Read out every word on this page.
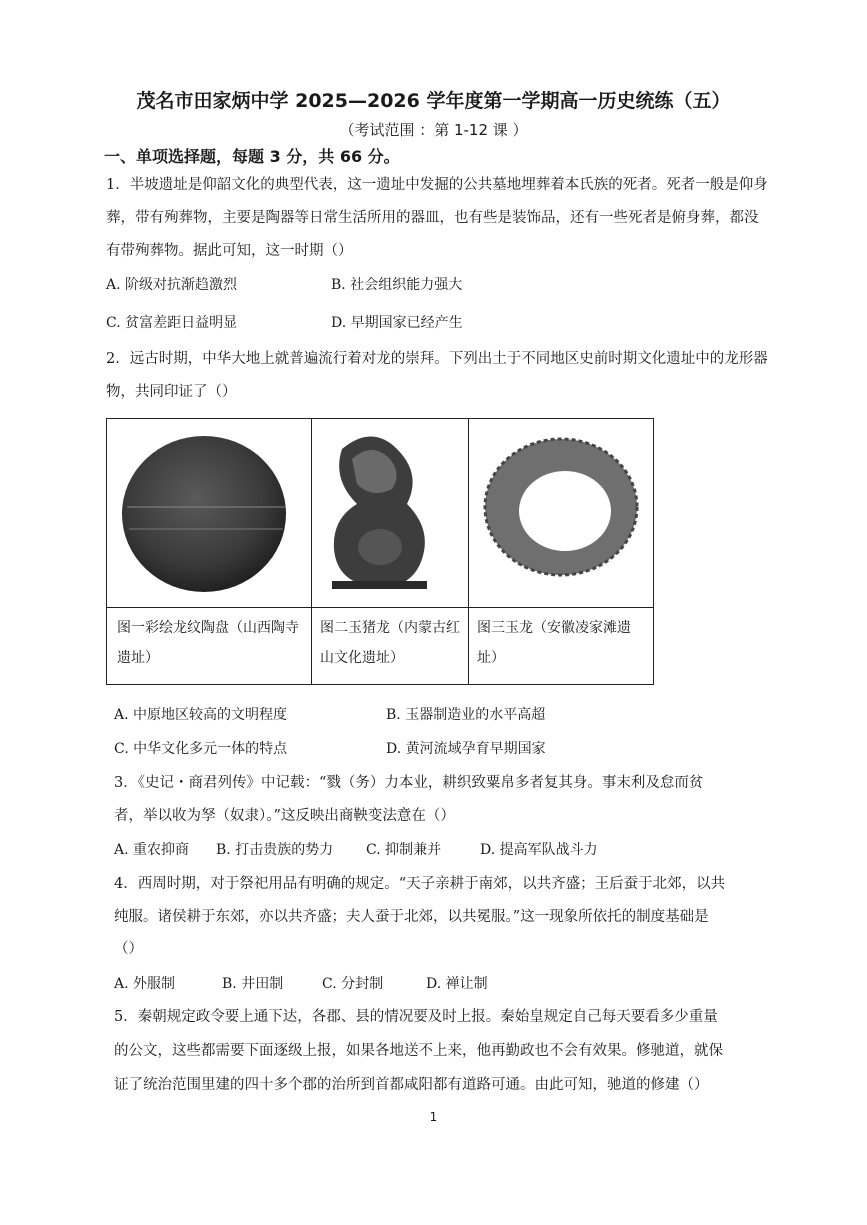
茂名市田家炳中学 2025—2026 学年度第一学期高一历史统练（五）
（考试范围 ：第 1-12 课 ）
一、单项选择题，每题 3 分，共 66 分。
1．半坡遗址是仰韶文化的典型代表，这一遗址中发掘的公共墓地埋葬着本氏族的死者。死者一般是仰身
葬，带有殉葬物，主要是陶器等日常生活所用的器皿，也有些是装饰品，还有一些死者是俯身葬，都没
有带殉葬物。据此可知，这一时期（）
A. 阶级对抗渐趋激烈	B. 社会组织能力强大
C. 贫富差距日益明显	D. 早期国家已经产生
2．远古时期，中华大地上就普遍流行着对龙的崇拜。下列出土于不同地区史前时期文化遗址中的龙形器
物，共同印证了（）
图一彩绘龙纹陶盘（山西陶寺遗址）
图二玉猪龙（内蒙古红山文化遗址）
图三玉龙（安徽凌家滩遗址）
A. 中原地区较高的文明程度	B. 玉器制造业的水平高超
C. 中华文化多元一体的特点	D. 黄河流域孕育早期国家
3．《史记・商君列传》中记载：“戮（务）力本业，耕织致粟帛多者复其身。事末利及怠而贫
者，举以收为孥（奴隶）。”这反映出商鞅变法意在（）
A. 重农抑商 B. 打击贵族的势力 C. 抑制兼并	D. 提高军队战斗力
4．西周时期，对于祭祀用品有明确的规定。“天子亲耕于南郊，以共齐盛；王后蚕于北郊，以共
纯服。诸侯耕于东郊，亦以共齐盛；夫人蚕于北郊，以共冕服。”这一现象所依托的制度基础是
（）
A. 外服制	B. 井田制	C. 分封制	D. 禅让制
5．秦朝规定政令要上通下达，各郡、县的情况要及时上报。秦始皇规定自己每天要看多少重量
的公文，这些都需要下面逐级上报，如果各地送不上来，他再勤政也不会有效果。修驰道，就保
证了统治范围里建的四十多个郡的治所到首都咸阳都有道路可通。由此可知，驰道的修建（）
1
